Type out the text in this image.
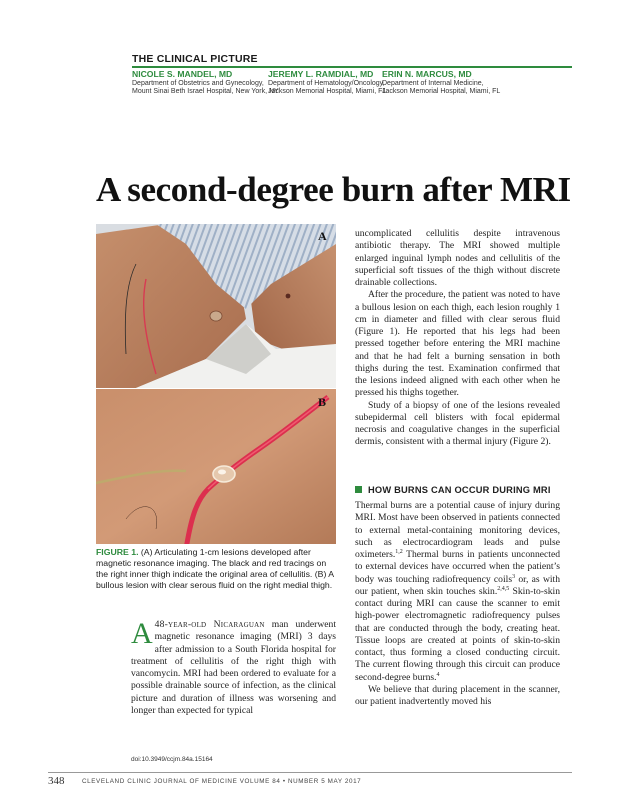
THE CLINICAL PICTURE
NICOLE S. MANDEL, MD
Department of Obstetrics and Gynecology,
Mount Sinai Beth Israel Hospital, New York, NY
JEREMY L. RAMDIAL, MD
Department of Hematology/Oncology,
Jackson Memorial Hospital, Miami, FL
ERIN N. MARCUS, MD
Department of Internal Medicine,
Jackson Memorial Hospital, Miami, FL
A second-degree burn after MRI
A
B
FIGURE 1. (A) Articulating 1-cm lesions developed after magnetic resonance imaging. The black and red tracings on the right inner thigh indicate the original area of cellulitis. (B) A bullous lesion with clear serous fluid on the right medial thigh.

A 48-year-old Nicaraguan man underwent magnetic resonance imaging (MRI) 3 days after admission to a South Florida hospital for treatment of cellulitis of the right thigh with vancomycin. MRI had been ordered to evaluate for a possible drainable source of infection, as the clinical picture and duration of illness was worsening and longer than expected for typical

uncomplicated cellulitis despite intravenous antibiotic therapy. The MRI showed multiple enlarged inguinal lymph nodes and cellulitis of the superficial soft tissues of the thigh without discrete drainable collections.

After the procedure, the patient was noted to have a bullous lesion on each thigh, each lesion roughly 1 cm in diameter and filled with clear serous fluid (Figure 1). He reported that his legs had been pressed together before entering the MRI machine and that he had felt a burning sensation in both thighs during the test. Examination confirmed that the lesions indeed aligned with each other when he pressed his thighs together.

Study of a biopsy of one of the lesions revealed subepidermal cell blisters with focal epidermal necrosis and coagulative changes in the superficial dermis, consistent with a thermal injury (Figure 2).

HOW BURNS CAN OCCUR DURING MRI

Thermal burns are a potential cause of injury during MRI. Most have been observed in patients connected to external metal-containing monitoring devices, such as electrocardiogram leads and pulse oximeters.$^{1,2}$ Thermal burns in patients unconnected to external devices have occurred when the patient’s body was touching radiofrequency coils$^3$ or, as with our patient, when skin touches skin.$^{2,4,5}$ Skin-to-skin contact during MRI can cause the scanner to emit high-power electromagnetic radiofrequency pulses that are conducted through the body, creating heat. Tissue loops are created at points of skin-to-skin contact, thus forming a closed conducting circuit. The current flowing through this circuit can produce second-degree burns.$^4$

We believe that during placement in the scanner, our patient inadvertently moved his

doi:10.3949/ccjm.84a.15164
348	CLEVELAND CLINIC JOURNAL OF MEDICINE VOLUME 84 • NUMBER 5 MAY 2017
